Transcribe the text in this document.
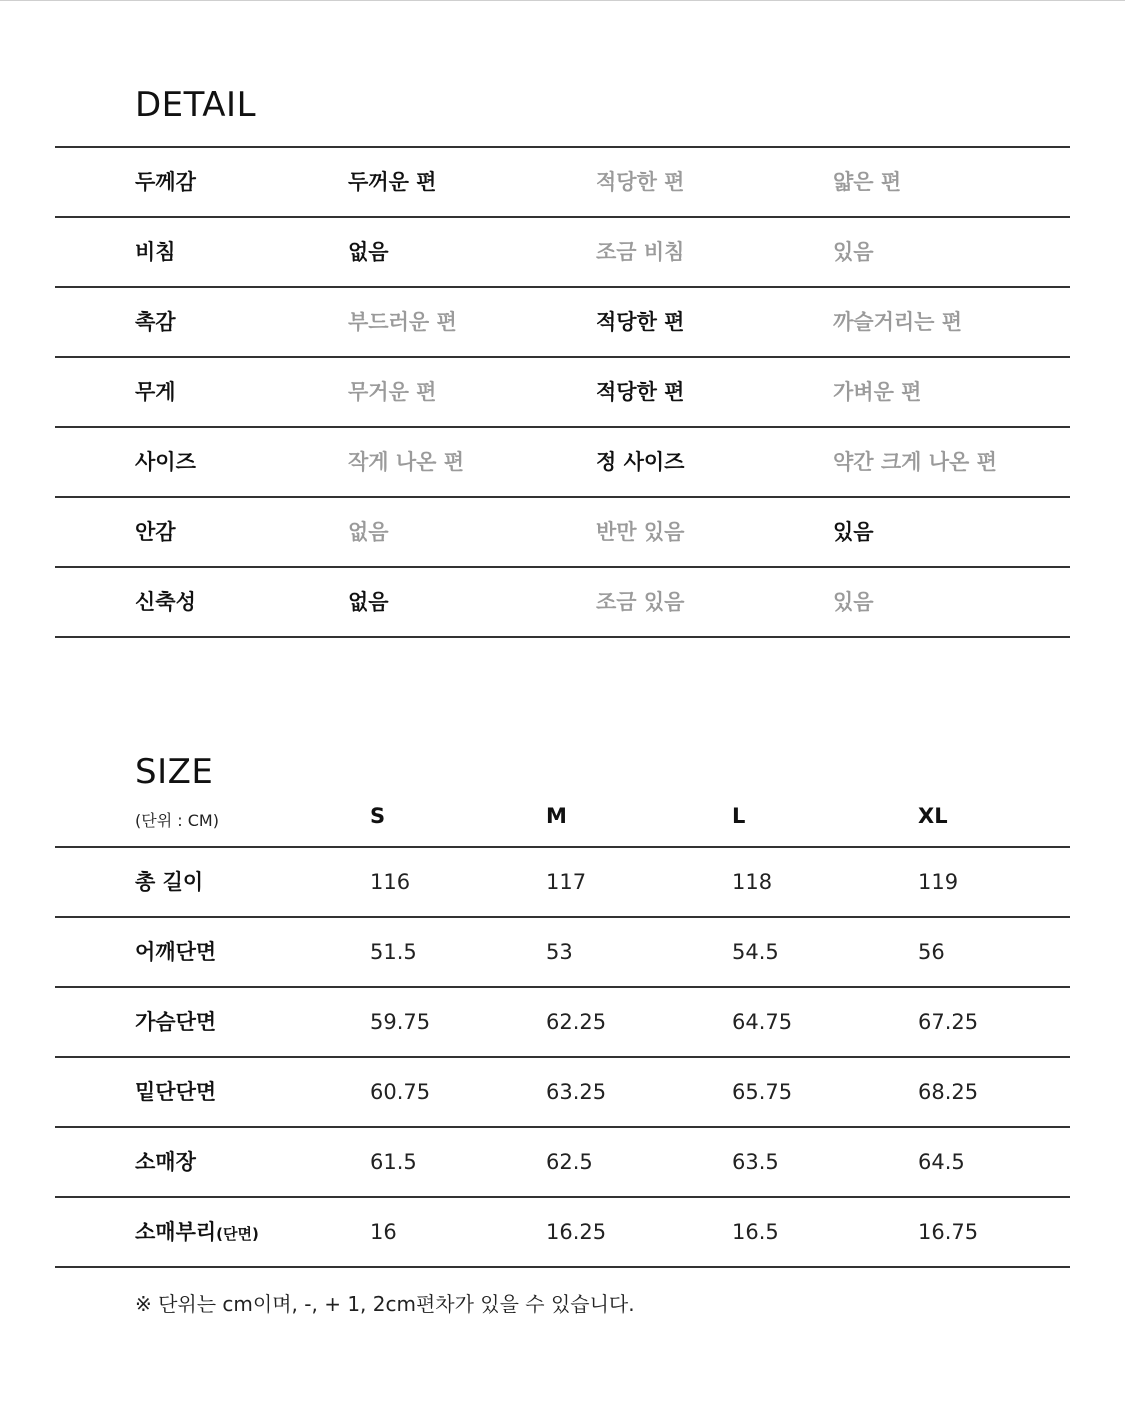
DETAIL
두께감	두꺼운 편	적당한 편	얇은 편
비침	없음	조금 비침	있음
촉감	부드러운 편	적당한 편	까슬거리는 편
무게	무거운 편	적당한 편	가벼운 편
사이즈	작게 나온 편	정 사이즈	약간 크게 나온 편
안감	없음	반만 있음	있음
신축성	없음	조금 있음	있음
SIZE
(단위 : CM)	S	M	L	XL
총 길이	116	117	118	119
어깨단면	51.5	53	54.5	56
가슴단면	59.75	62.25	64.75	67.25
밑단단면	60.75	63.25	65.75	68.25
소매장	61.5	62.5	63.5	64.5
소매부리(단면)	16	16.25	16.5	16.75
※ 단위는 cm이며, -, + 1, 2cm편차가 있을 수 있습니다.
